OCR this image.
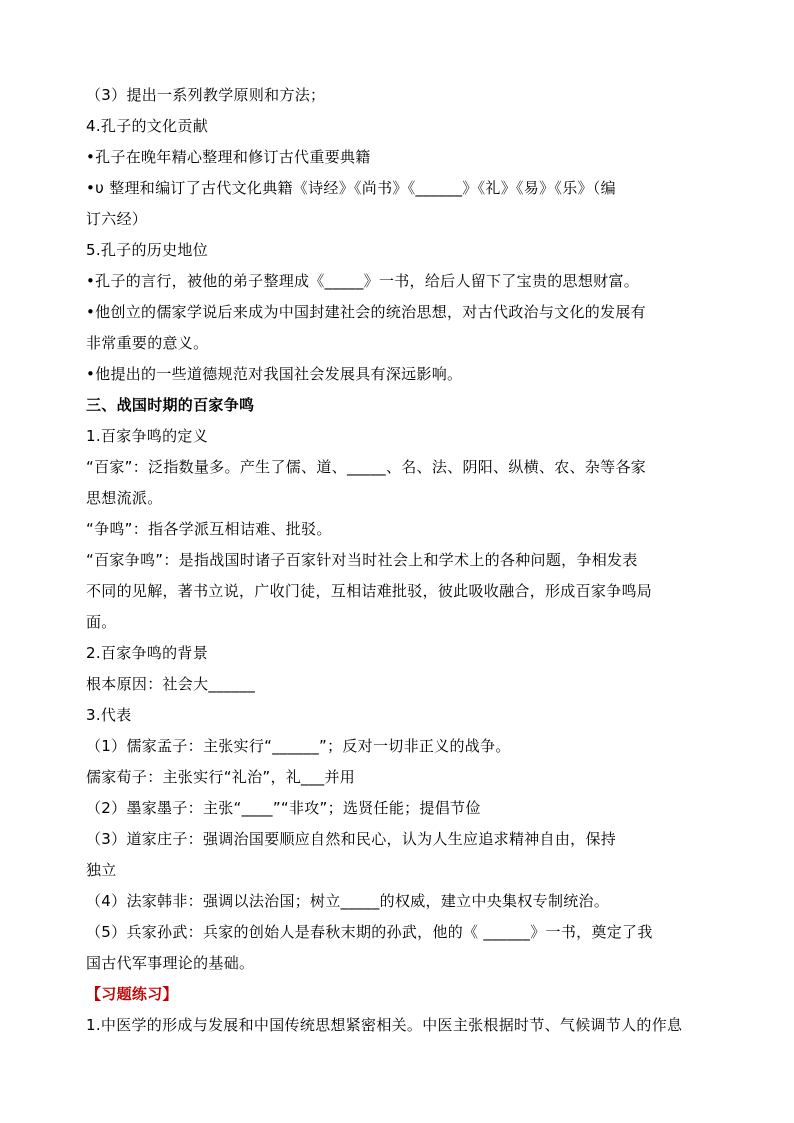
（3）提出一系列教学原则和方法；
4.孔子的文化贡献
•孔子在晚年精心整理和修订古代重要典籍
•υ 整理和编订了古代文化典籍《诗经》《尚书》《______》《礼》《易》《乐》（编
订六经）
5.孔子的历史地位
•孔子的言行，被他的弟子整理成《_____》一书，给后人留下了宝贵的思想财富。
•他创立的儒家学说后来成为中国封建社会的统治思想，对古代政治与文化的发展有
非常重要的意义。
•他提出的一些道德规范对我国社会发展具有深远影响。
三、战国时期的百家争鸣
1.百家争鸣的定义
“百家”：泛指数量多。产生了儒、道、_____、名、法、阴阳、纵横、农、杂等各家
思想流派。
“争鸣”：指各学派互相诘难、批驳。
“百家争鸣”：是指战国时诸子百家针对当时社会上和学术上的各种问题，争相发表
不同的见解，著书立说，广收门徒，互相诘难批驳，彼此吸收融合，形成百家争鸣局
面。
2.百家争鸣的背景
根本原因：社会大______
3.代表
（1）儒家孟子：主张实行“______”；反对一切非正义的战争。
儒家荀子：主张实行“礼治”，礼___并用
（2）墨家墨子：主张“____”“非攻”；选贤任能；提倡节俭
（3）道家庄子：强调治国要顺应自然和民心，认为人生应追求精神自由，保持
独立
（4）法家韩非：强调以法治国；树立_____的权威，建立中央集权专制统治。
（5）兵家孙武：兵家的创始人是春秋末期的孙武，他的《 ______》一书，奠定了我
国古代军事理论的基础。
【习题练习】
1.中医学的形成与发展和中国传统思想紧密相关。中医主张根据时节、气候调节人的作息
